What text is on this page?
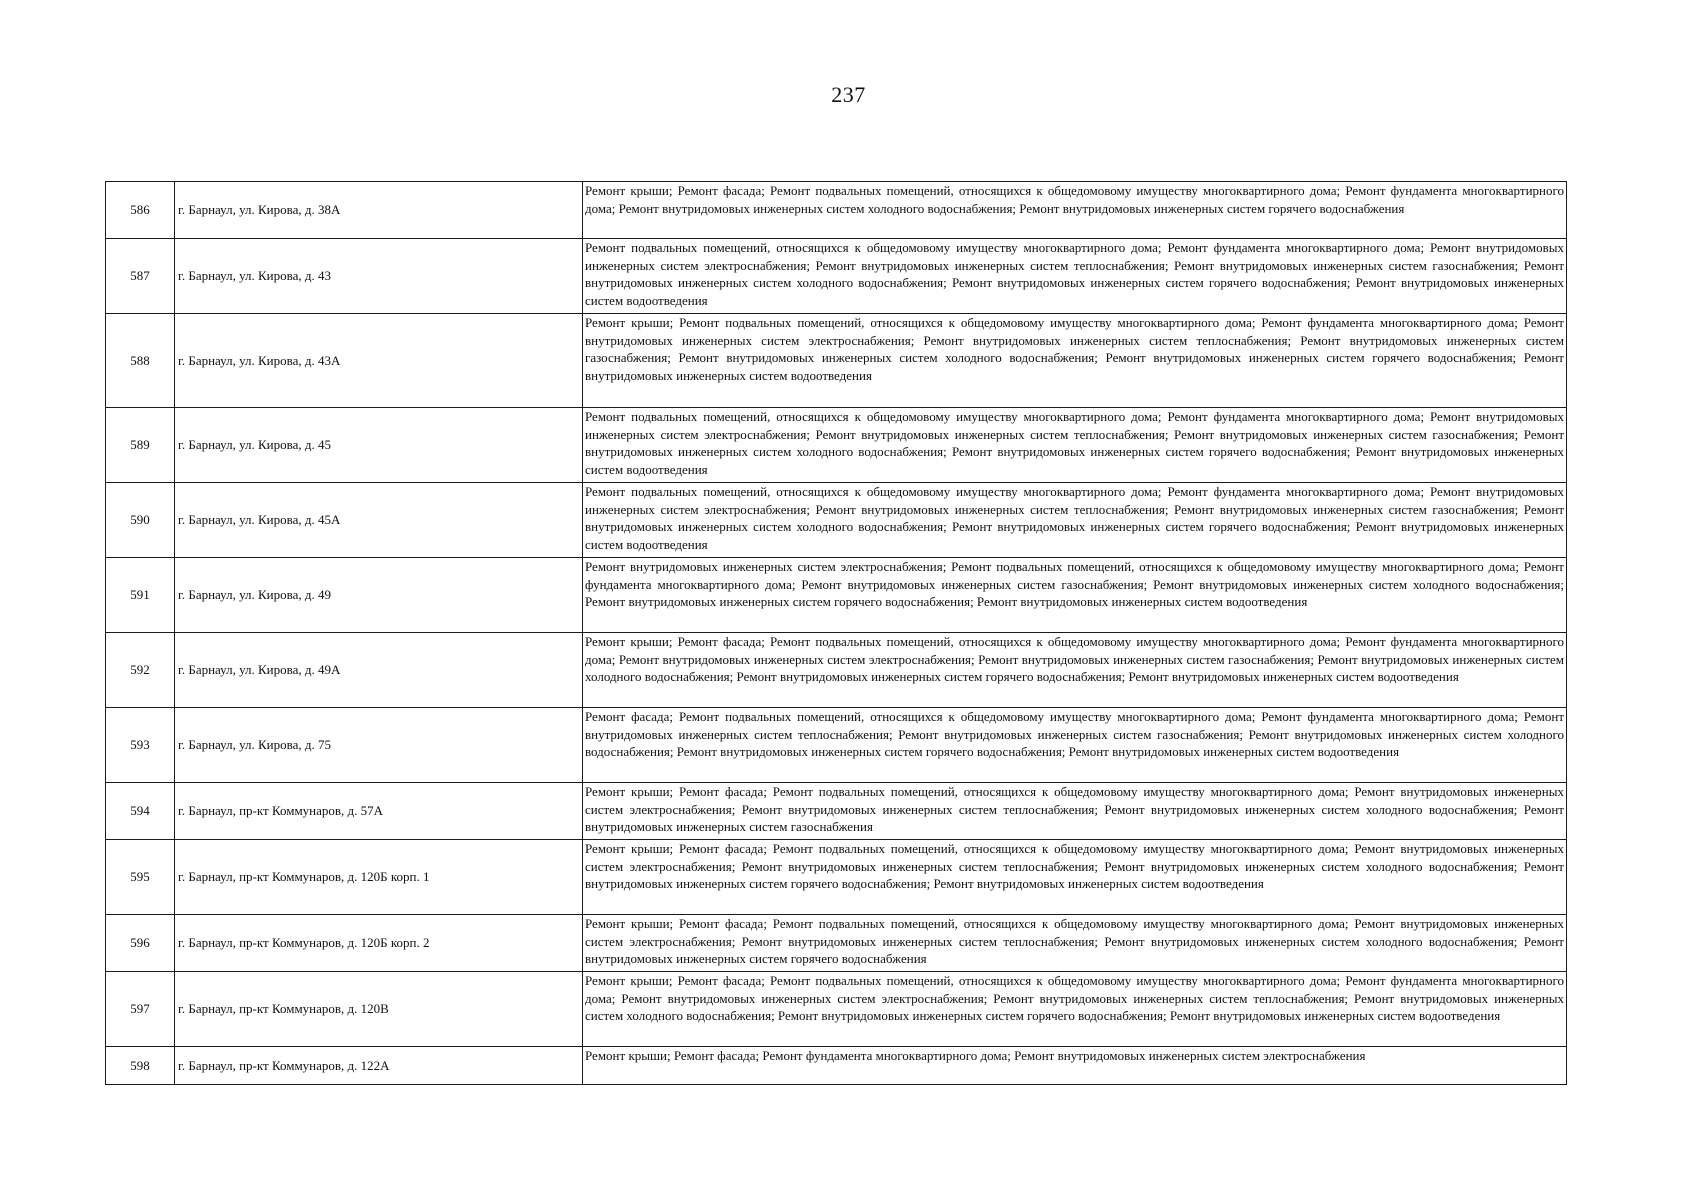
237
586	г. Барнаул, ул. Кирова, д. 38А	Ремонт крыши; Ремонт фасада; Ремонт подвальных помещений, относящихся к общедомовому имуществу многоквартирного дома; Ремонт фундамента многоквартирного дома; Ремонт внутридомовых инженерных систем холодного водоснабжения; Ремонт внутридомовых инженерных систем горячего водоснабжения
587	г. Барнаул, ул. Кирова, д. 43	Ремонт подвальных помещений, относящихся к общедомовому имуществу многоквартирного дома; Ремонт фундамента многоквартирного дома; Ремонт внутридомовых инженерных систем электроснабжения; Ремонт внутридомовых инженерных систем теплоснабжения; Ремонт внутридомовых инженерных систем газоснабжения; Ремонт внутридомовых инженерных систем холодного водоснабжения; Ремонт внутридомовых инженерных систем горячего водоснабжения; Ремонт внутридомовых инженерных систем водоотведения
588	г. Барнаул, ул. Кирова, д. 43А	Ремонт крыши; Ремонт подвальных помещений, относящихся к общедомовому имуществу многоквартирного дома; Ремонт фундамента многоквартирного дома; Ремонт внутридомовых инженерных систем электроснабжения; Ремонт внутридомовых инженерных систем теплоснабжения; Ремонт внутридомовых инженерных систем газоснабжения; Ремонт внутридомовых инженерных систем холодного водоснабжения; Ремонт внутридомовых инженерных систем горячего водоснабжения; Ремонт внутридомовых инженерных систем водоотведения
589	г. Барнаул, ул. Кирова, д. 45	Ремонт подвальных помещений, относящихся к общедомовому имуществу многоквартирного дома; Ремонт фундамента многоквартирного дома; Ремонт внутридомовых инженерных систем электроснабжения; Ремонт внутридомовых инженерных систем теплоснабжения; Ремонт внутридомовых инженерных систем газоснабжения; Ремонт внутридомовых инженерных систем холодного водоснабжения; Ремонт внутридомовых инженерных систем горячего водоснабжения; Ремонт внутридомовых инженерных систем водоотведения
590	г. Барнаул, ул. Кирова, д. 45А	Ремонт подвальных помещений, относящихся к общедомовому имуществу многоквартирного дома; Ремонт фундамента многоквартирного дома; Ремонт внутридомовых инженерных систем электроснабжения; Ремонт внутридомовых инженерных систем теплоснабжения; Ремонт внутридомовых инженерных систем газоснабжения; Ремонт внутридомовых инженерных систем холодного водоснабжения; Ремонт внутридомовых инженерных систем горячего водоснабжения; Ремонт внутридомовых инженерных систем водоотведения
591	г. Барнаул, ул. Кирова, д. 49	Ремонт внутридомовых инженерных систем электроснабжения; Ремонт подвальных помещений, относящихся к общедомовому имуществу многоквартирного дома; Ремонт фундамента многоквартирного дома; Ремонт внутридомовых инженерных систем газоснабжения; Ремонт внутридомовых инженерных систем холодного водоснабжения; Ремонт внутридомовых инженерных систем горячего водоснабжения; Ремонт внутридомовых инженерных систем водоотведения
592	г. Барнаул, ул. Кирова, д. 49А	Ремонт крыши; Ремонт фасада; Ремонт подвальных помещений, относящихся к общедомовому имуществу многоквартирного дома; Ремонт фундамента многоквартирного дома; Ремонт внутридомовых инженерных систем электроснабжения; Ремонт внутридомовых инженерных систем газоснабжения; Ремонт внутридомовых инженерных систем холодного водоснабжения; Ремонт внутридомовых инженерных систем горячего водоснабжения; Ремонт внутридомовых инженерных систем водоотведения
593	г. Барнаул, ул. Кирова, д. 75	Ремонт фасада; Ремонт подвальных помещений, относящихся к общедомовому имуществу многоквартирного дома; Ремонт фундамента многоквартирного дома; Ремонт внутридомовых инженерных систем теплоснабжения; Ремонт внутридомовых инженерных систем газоснабжения; Ремонт внутридомовых инженерных систем холодного водоснабжения; Ремонт внутридомовых инженерных систем горячего водоснабжения; Ремонт внутридомовых инженерных систем водоотведения
594	г. Барнаул, пр-кт Коммунаров, д. 57А	Ремонт крыши; Ремонт фасада; Ремонт подвальных помещений, относящихся к общедомовому имуществу многоквартирного дома; Ремонт внутридомовых инженерных систем электроснабжения; Ремонт внутридомовых инженерных систем теплоснабжения; Ремонт внутридомовых инженерных систем холодного водоснабжения; Ремонт внутридомовых инженерных систем газоснабжения
595	г. Барнаул, пр-кт Коммунаров, д. 120Б корп. 1	Ремонт крыши; Ремонт фасада; Ремонт подвальных помещений, относящихся к общедомовому имуществу многоквартирного дома; Ремонт внутридомовых инженерных систем электроснабжения; Ремонт внутридомовых инженерных систем теплоснабжения; Ремонт внутридомовых инженерных систем холодного водоснабжения; Ремонт внутридомовых инженерных систем горячего водоснабжения; Ремонт внутридомовых инженерных систем водоотведения
596	г. Барнаул, пр-кт Коммунаров, д. 120Б корп. 2	Ремонт крыши; Ремонт фасада; Ремонт подвальных помещений, относящихся к общедомовому имуществу многоквартирного дома; Ремонт внутридомовых инженерных систем электроснабжения; Ремонт внутридомовых инженерных систем теплоснабжения; Ремонт внутридомовых инженерных систем холодного водоснабжения; Ремонт внутридомовых инженерных систем горячего водоснабжения
597	г. Барнаул, пр-кт Коммунаров, д. 120В	Ремонт крыши; Ремонт фасада; Ремонт подвальных помещений, относящихся к общедомовому имуществу многоквартирного дома; Ремонт фундамента многоквартирного дома; Ремонт внутридомовых инженерных систем электроснабжения; Ремонт внутридомовых инженерных систем теплоснабжения; Ремонт внутридомовых инженерных систем холодного водоснабжения; Ремонт внутридомовых инженерных систем горячего водоснабжения; Ремонт внутридомовых инженерных систем водоотведения
598	г. Барнаул, пр-кт Коммунаров, д. 122А	Ремонт крыши; Ремонт фасада; Ремонт фундамента многоквартирного дома; Ремонт внутридомовых инженерных систем электроснабжения
